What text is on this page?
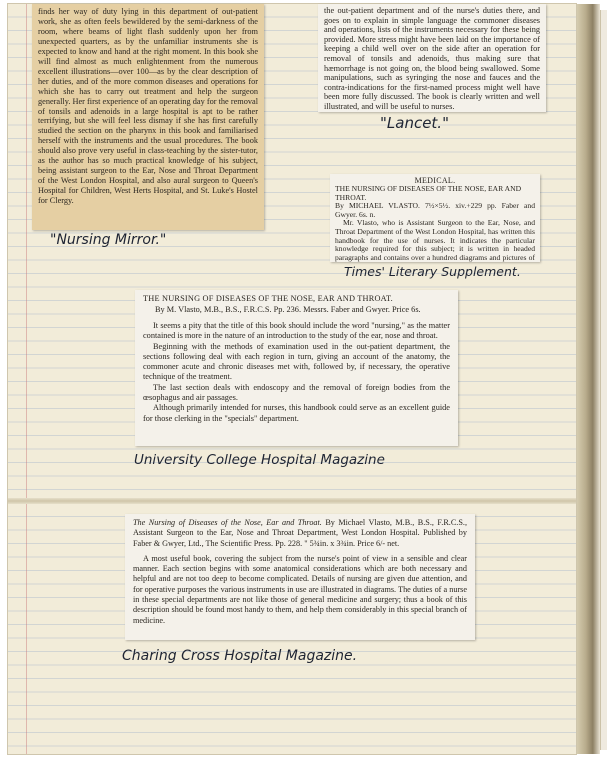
finds her way of duty lying in this department of out-patient work, she as often feels bewildered by the semi-darkness of the room, where beams of light flash suddenly upon her from unexpected quarters, as by the unfamiliar instruments she is expected to know and hand at the right moment. In this book she will find almost as much enlightenment from the numerous excellent illustrations—over 100—as by the clear description of her duties, and of the more common diseases and operations for which she has to carry out treatment and help the surgeon generally. Her first experience of an operating day for the removal of tonsils and adenoids in a large hospital is apt to be rather terrifying, but she will feel less dismay if she has first carefully studied the section on the pharynx in this book and familiarised herself with the instruments and the usual procedures. The book should also prove very useful in class-teaching by the sister-tutor, as the author has so much practical knowledge of his subject, being assistant surgeon to the Ear, Nose and Throat Department of the West London Hospital, and also aural surgeon to Queen's Hospital for Children, West Herts Hospital, and St. Luke's Hostel for Clergy.

"Nursing Mirror."

the out-patient department and of the nurse's duties there, and goes on to explain in simple language the commoner diseases and operations, lists of the instruments necessary for these being provided. More stress might have been laid on the importance of keeping a child well over on the side after an operation for removal of tonsils and adenoids, thus making sure that hæmorrhage is not going on, the blood being swallowed. Some manipulations, such as syringing the nose and fauces and the contra-indications for the first-named process might well have been more fully discussed. The book is clearly written and well illustrated, and will be useful to nurses.

"Lancet."
MEDICAL.
THE NURSING OF DISEASES OF THE NOSE, EAR AND THROAT.
By MICHAEL VLASTO. 7½×5½. xiv.+229 pp. Faber and Gwyer. 6s. n.
Mr. Vlasto, who is Assistant Surgeon to the Ear, Nose, and Throat Department of the West London Hospital, has written this handbook for the use of nurses. It indicates the particular knowledge required for this subject; it is written in headed paragraphs and contains over a hundred diagrams and pictures of
Times' Literary Supplement.
THE NURSING OF DISEASES OF THE NOSE, EAR AND THROAT.
By M. Vlasto, M.B., B.S., F.R.C.S. Pp. 236. Messrs. Faber and Gwyer. Price 6s.

It seems a pity that the title of this book should include the word "nursing," as the matter contained is more in the nature of an introduction to the study of the ear, nose and throat.

Beginning with the methods of examination used in the out-patient department, the sections following deal with each region in turn, giving an account of the anatomy, the commoner acute and chronic diseases met with, followed by, if necessary, the operative technique of the treatment.

The last section deals with endoscopy and the removal of foreign bodies from the œsophagus and air passages.

Although primarily intended for nurses, this handbook could serve as an excellent guide for those clerking in the "specials" department.

University College Hospital Magazine
The Nursing of Diseases of the Nose, Ear and Throat. By Michael Vlasto, M.B., B.S., F.R.C.S., Assistant Surgeon to the Ear, Nose and Throat Department, West London Hospital. Published by Faber & Gwyer, Ltd., The Scientific Press. Pp. 228. " 5¾in. x 3¾in. Price 6/- net.
A most useful book, covering the subject from the nurse's point of view in a sensible and clear manner. Each section begins with some anatomical considerations which are both necessary and helpful and are not too deep to become complicated. Details of nursing are given due attention, and for operative purposes the various instruments in use are illustrated in diagrams. The duties of a nurse in these special departments are not like those of general medicine and surgery; thus a book of this description should be found most handy to them, and help them considerably in this special branch of medicine.
Charing Cross Hospital Magazine.
